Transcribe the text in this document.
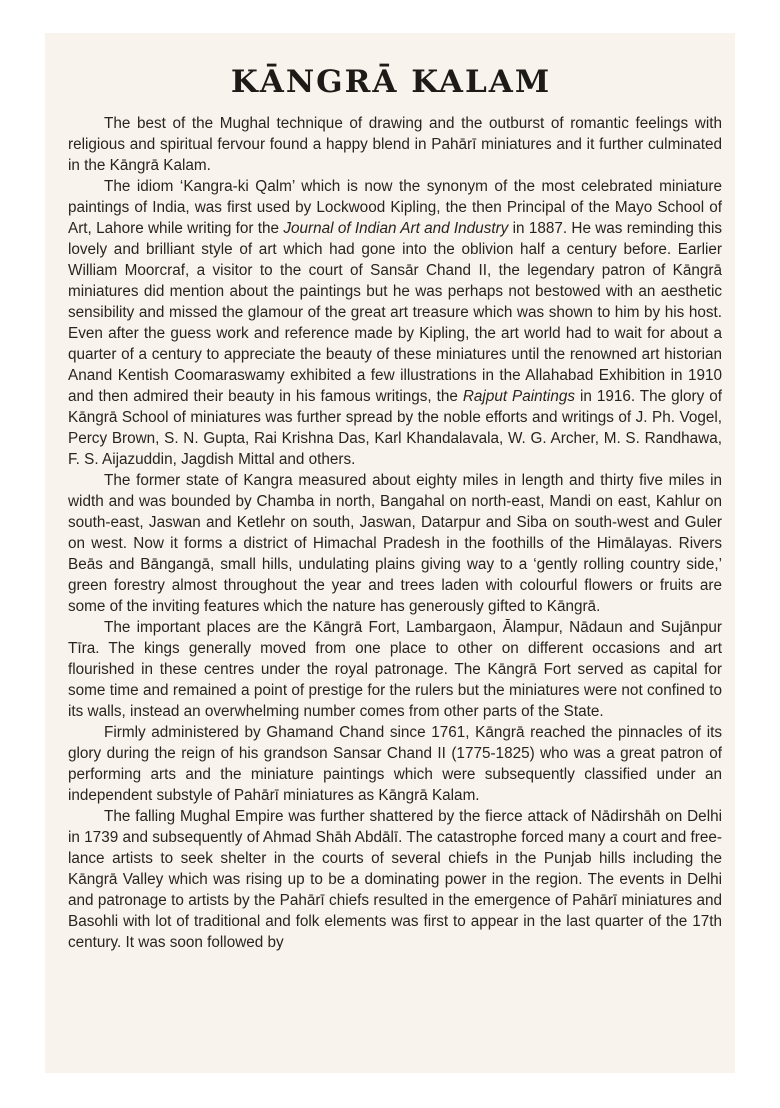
KĀNGRĀ KALAM

The best of the Mughal technique of drawing and the outburst of romantic feelings with religious and spiritual fervour found a happy blend in Pahārī miniatures and it further culminated in the Kāngrā Kalam.

The idiom ‘Kangra-ki Qalm’ which is now the synonym of the most celebrated miniature paintings of India, was first used by Lockwood Kipling, the then Principal of the Mayo School of Art, Lahore while writing for the Journal of Indian Art and Industry in 1887. He was reminding this lovely and brilliant style of art which had gone into the oblivion half a century before. Earlier William Moorcraf, a visitor to the court of Sansār Chand II, the legendary patron of Kāngrā miniatures did mention about the paintings but he was perhaps not bestowed with an aesthetic sensibility and missed the glamour of the great art treasure which was shown to him by his host. Even after the guess work and reference made by Kipling, the art world had to wait for about a quarter of a century to appreciate the beauty of these miniatures until the renowned art historian Anand Kentish Coomaraswamy exhibited a few illustrations in the Allahabad Exhibition in 1910 and then admired their beauty in his famous writings, the Rajput Paintings in 1916. The glory of Kāngrā School of miniatures was further spread by the noble efforts and writings of J. Ph. Vogel, Percy Brown, S. N. Gupta, Rai Krishna Das, Karl Khandalavala, W. G. Archer, M. S. Randhawa, F. S. Aijazuddin, Jagdish Mittal and others.

The former state of Kangra measured about eighty miles in length and thirty five miles in width and was bounded by Chamba in north, Bangahal on north-east, Mandi on east, Kahlur on south-east, Jaswan and Ketlehr on south, Jaswan, Datarpur and Siba on south-west and Guler on west. Now it forms a district of Himachal Pradesh in the foothills of the Himālayas. Rivers Beās and Bāngangā, small hills, undulating plains giving way to a ‘gently rolling country side,’ green forestry almost throughout the year and trees laden with colourful flowers or fruits are some of the inviting features which the nature has generously gifted to Kāngrā.

The important places are the Kāngrā Fort, Lambargaon, Ālampur, Nādaun and Sujānpur Tīra. The kings generally moved from one place to other on different occasions and art flourished in these centres under the royal patronage. The Kāngrā Fort served as capital for some time and remained a point of prestige for the rulers but the miniatures were not confined to its walls, instead an overwhelming number comes from other parts of the State.

Firmly administered by Ghamand Chand since 1761, Kāngrā reached the pinnacles of its glory during the reign of his grandson Sansar Chand II (1775-1825) who was a great patron of performing arts and the miniature paintings which were subsequently classified under an independent substyle of Pahārī miniatures as Kāngrā Kalam.

The falling Mughal Empire was further shattered by the fierce attack of Nādirshāh on Delhi in 1739 and subsequently of Ahmad Shāh Abdālī. The catastrophe forced many a court and free-lance artists to seek shelter in the courts of several chiefs in the Punjab hills including the Kāngrā Valley which was rising up to be a dominating power in the region. The events in Delhi and patronage to artists by the Pahārī chiefs resulted in the emergence of Pahārī miniatures and Basohli with lot of traditional and folk elements was first to appear in the last quarter of the 17th century. It was soon followed by
